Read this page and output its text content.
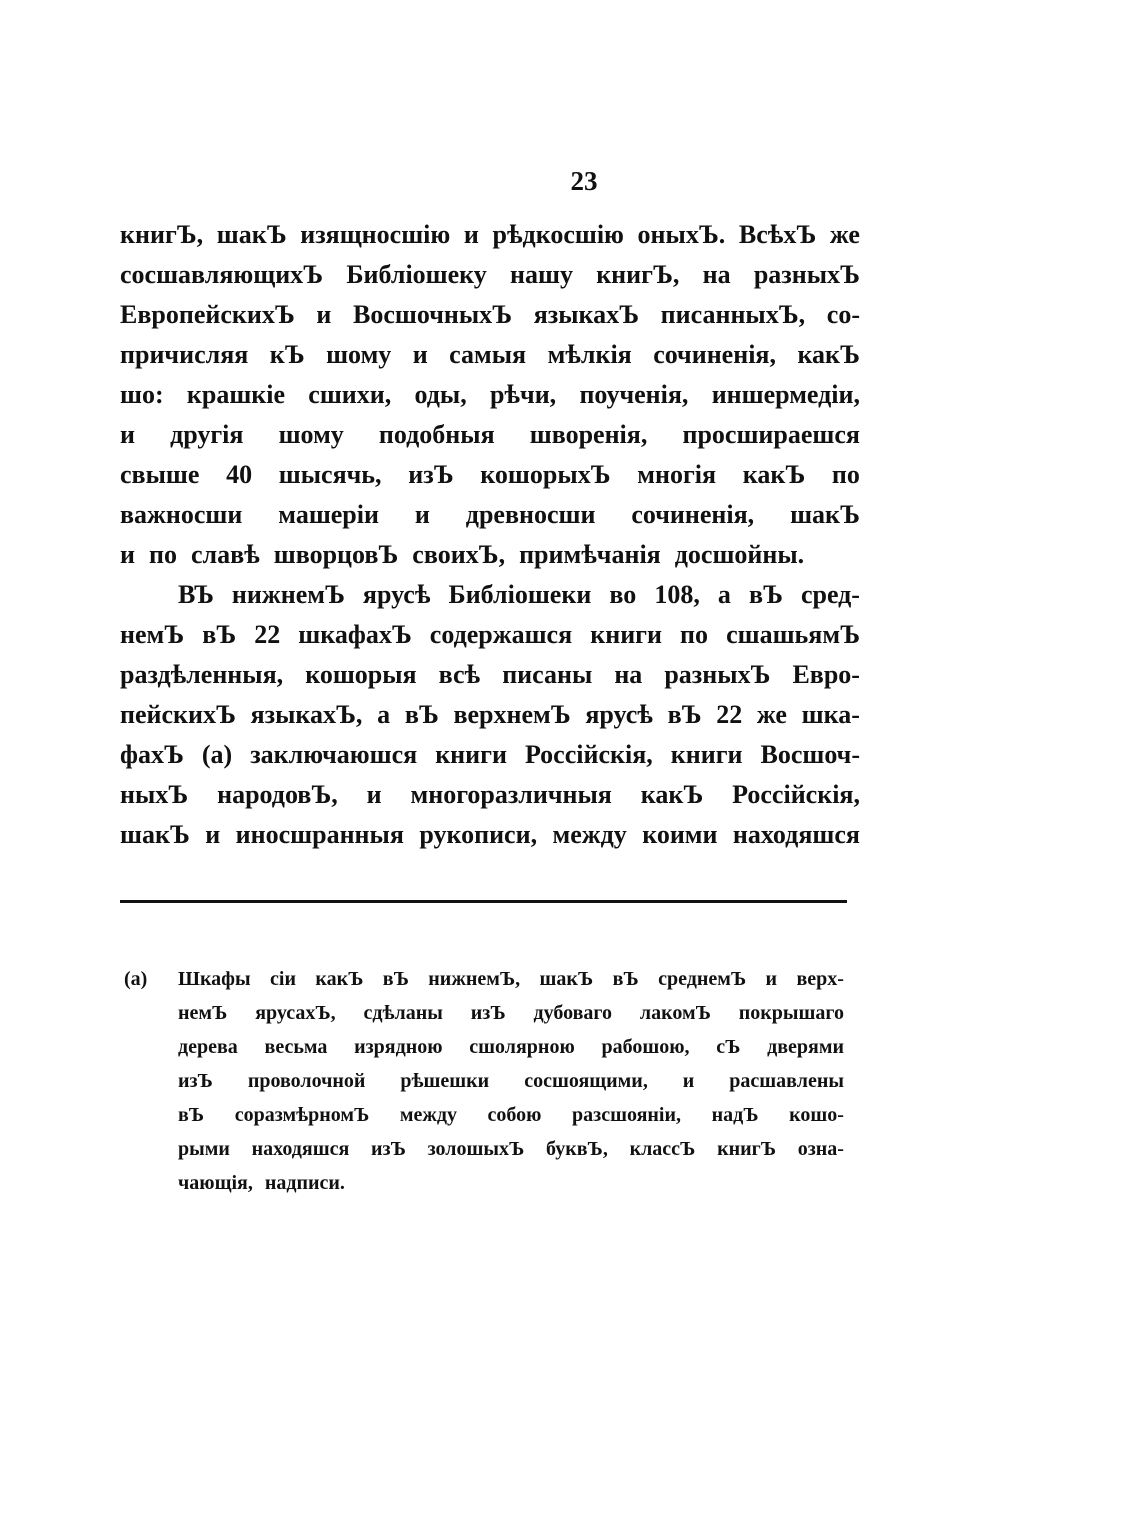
23
книгЪ, шакЪ изящносшію и рѣдкосшію оныхЪ. ВсѣхЪ же
сосшавляющихЪ Библіошеку нашу книгЪ, на разныхЪ
ЕвропейскихЪ и ВосшочныхЪ языкахЪ писанныхЪ, со-
причисляя кЪ шому и самыя мѣлкія сочиненія, какЪ
шо: крашкіе сшихи, оды, рѣчи, поученія, иншермедіи,
и другія шому подобныя шворенія, просшираешся
свыше 40 шысячь, изЪ кошорыхЪ многія какЪ по
важносши машеріи и древносши сочиненія, шакЪ
и по славѣ шворцовЪ своихЪ, примѣчанія досшойны.
ВЪ нижнемЪ ярусѣ Библіошеки во 108, а вЪ сред-
немЪ вЪ 22 шкафахЪ содержашся книги по сшашьямЪ
раздѣленныя, кошорыя всѣ писаны на разныхЪ Евро-
пейскихЪ языкахЪ, а вЪ верхнемЪ ярусѣ вЪ 22 же шка-
фахЪ (а) заключаюшся книги Россійскія, книги Восшоч-
ныхЪ народовЪ, и многоразличныя какЪ Россійскія,
шакЪ и иносшранныя рукописи, между коими находяшся
(а)	Шкафы сіи какЪ вЪ нижнемЪ, шакЪ вЪ среднемЪ и верх-
немЪ ярусахЪ, сдѣланы изЪ дубоваго лакомЪ покрышаго
дерева весьма изрядною сшолярною рабошою, сЪ дверями
изЪ проволочной рѣшешки сосшоящими, и расшавлены
вЪ соразмѣрномЪ между собою разсшояніи, надЪ кошо-
рыми находяшся изЪ золошыхЪ буквЪ, классЪ книгЪ озна-
чающія, надписи.
